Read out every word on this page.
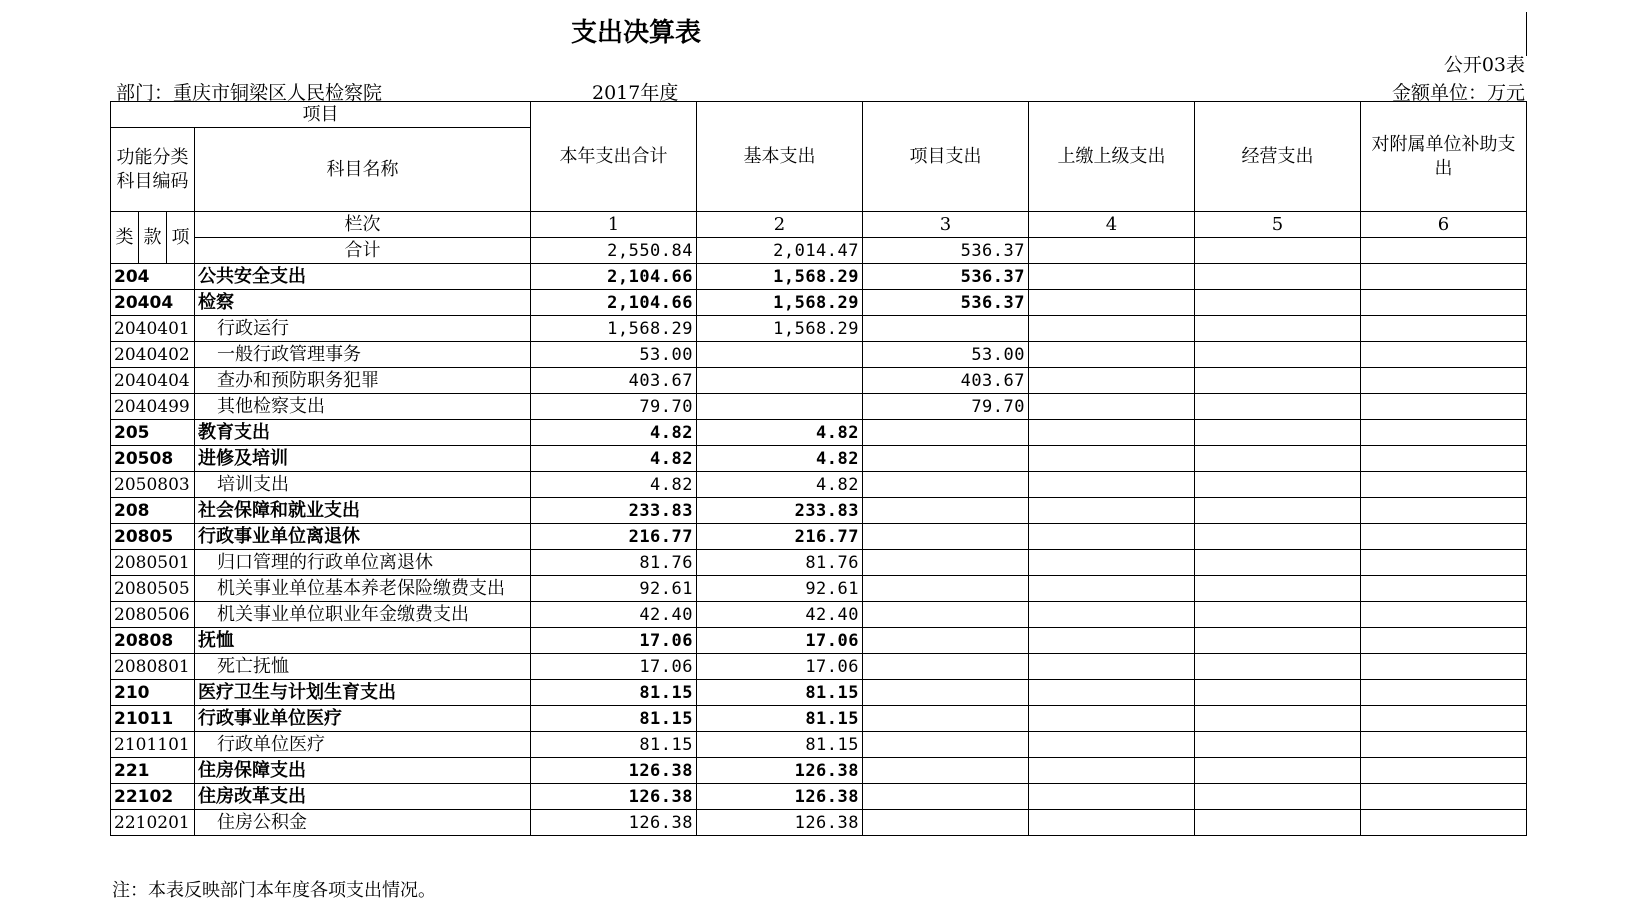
支出决算表
公开03表
部门：重庆市铜梁区人民检察院	2017年度	金额单位：万元
项目				本年支出合计	基本支出	项目支出	上缴上级支出	经营支出	对附属单位补助支出
功能分类科目编码			科目名称						
类	款	项	栏次	1	2	3	4	5	6
			合计	2,550.84	2,014.47	536.37			
204			公共安全支出	2,104.66	1,568.29	536.37			
20404			检察	2,104.66	1,568.29	536.37			
2040401			行政运行	1,568.29	1,568.29				
2040402			一般行政管理事务	53.00		53.00			
2040404			查办和预防职务犯罪	403.67		403.67			
2040499			其他检察支出	79.70		79.70			
205			教育支出	4.82	4.82				
20508			进修及培训	4.82	4.82				
2050803			培训支出	4.82	4.82				
208			社会保障和就业支出	233.83	233.83				
20805			行政事业单位离退休	216.77	216.77				
2080501			归口管理的行政单位离退休	81.76	81.76				
2080505			机关事业单位基本养老保险缴费支出	92.61	92.61				
2080506			机关事业单位职业年金缴费支出	42.40	42.40				
20808			抚恤	17.06	17.06				
2080801			死亡抚恤	17.06	17.06				
210			医疗卫生与计划生育支出	81.15	81.15				
21011			行政事业单位医疗	81.15	81.15				
2101101			行政单位医疗	81.15	81.15				
221			住房保障支出	126.38	126.38				
22102			住房改革支出	126.38	126.38				
2210201			住房公积金	126.38	126.38				
注：本表反映部门本年度各项支出情况。
